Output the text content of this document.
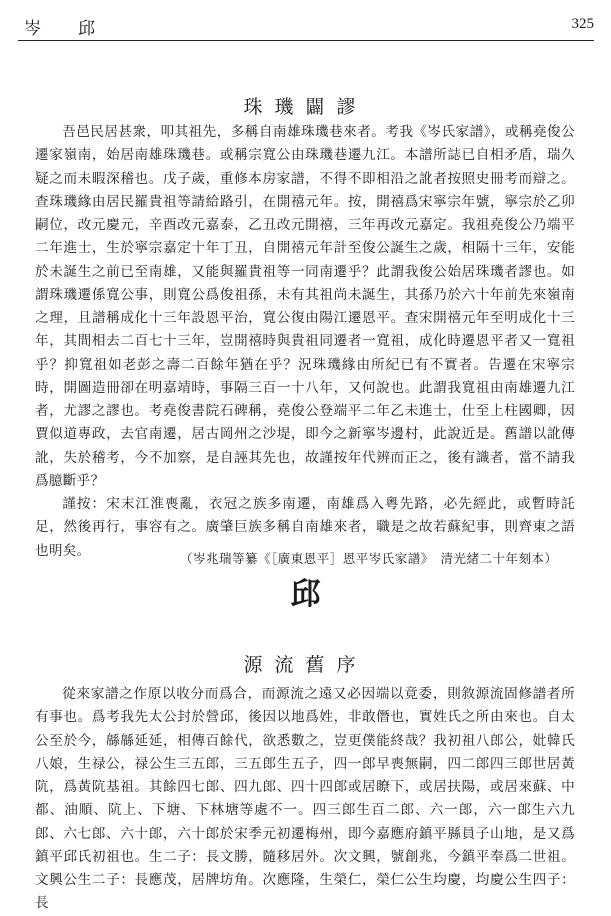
岑　邱	325
珠璣闢謬

吾邑民居甚衆，叩其祖先，多稱自南雄珠璣巷來者。考我《岑氏家譜》，或稱堯俊公遷家嶺南，始居南雄珠璣巷。或稱宗寬公由珠璣巷遷九江。本譜所誌已自相矛盾，瑞久疑之而未暇深稽也。戊子歲，重修本房家譜，不得不即相沿之訛者按照史冊考而辯之。查珠璣緣由居民羅貴祖等請給路引，在開禧元年。按，開禧爲宋寧宗年號，寧宗於乙卯嗣位，改元慶元，辛酉改元嘉泰，乙丑改元開禧，三年再改元嘉定。我祖堯俊公乃端平二年進士，生於寧宗嘉定十年丁丑，自開禧元年計至俊公誕生之歲，相隔十三年，安能於未誕生之前已至南雄，又能與羅貴祖等一同南遷乎？此謂我俊公始居珠璣者謬也。如謂珠璣遷係寬公事，則寬公爲俊祖孫，未有其祖尚未誕生，其孫乃於六十年前先來嶺南之理，且譜稱成化十三年設恩平治，寬公復由陽江遷恩平。查宋開禧元年至明成化十三年，其間相去二百七十三年，豈開禧時與貴祖同遷者一寬祖，成化時遷恩平者又一寬祖乎？抑寬祖如老彭之壽二百餘年猶在乎？況珠璣緣由所紀已有不實者。告遷在宋寧宗時，開圖造冊卻在明嘉靖時，事隔三百一十八年，又何說也。此謂我寬祖由南雄遷九江者，尤謬之謬也。考堯俊書院石碑稱，堯俊公登端平二年乙未進士，仕至上柱國卿，因賈似道專政，去官南遷，居古岡州之沙堤，即今之新寧岑邊村，此說近是。舊譜以訛傳訛，失於稽考，今不加察，是自誣其先也，故謹按年代辨而正之，後有識者，當不請我爲臆斷乎？

謹按：宋末江淮喪亂，衣冠之族多南遷，南雄爲入粵先路，必先經此，或暫時託足，然後再行，事容有之。廣肇巨族多稱自南雄來者，職是之故若蘇紀事，則齊東之語也明矣。	（岑兆瑞等纂《［廣東恩平］恩平岑氏家譜》　清光緒二十年刻本）
邱
源流舊序

從來家譜之作原以收分而爲合，而源流之遠又必因端以竟委，則敘源流固修譜者所有事也。爲考我先太公封於營邱，後因以地爲姓，非敢僭也，實姓氏之所由來也。自太公至於今，緜緜延延，相傳百餘代，欲悉數之，豈更僕能終哉？我初祖八郎公，妣韓氏八娘，生禄公，禄公生三五郎，三五郎生五子，四一郎早喪無嗣，四二郎四三郎世居黃阬，爲黃阬基祖。其餘四七郎、四九郎、四十四郎或居瞭下，或居扶陽，或居來蘇、中都、油順、阬上、下塘、下林塘等處不一。四三郎生百二郎、六一郎，六一郎生六九郎、六七郎、六十郎，六十郎於宋季元初遷梅州，即今嘉應府鎮平縣員子山地，是又爲鎮平邱氏初祖也。生二子：長文勝，隨移居外。次文興，號創兆，今鎮平奉爲二世祖。文興公生二子：長應茂，居牌坊角。次應隆，生榮仁，榮仁公生均慶，均慶公生四子：長
